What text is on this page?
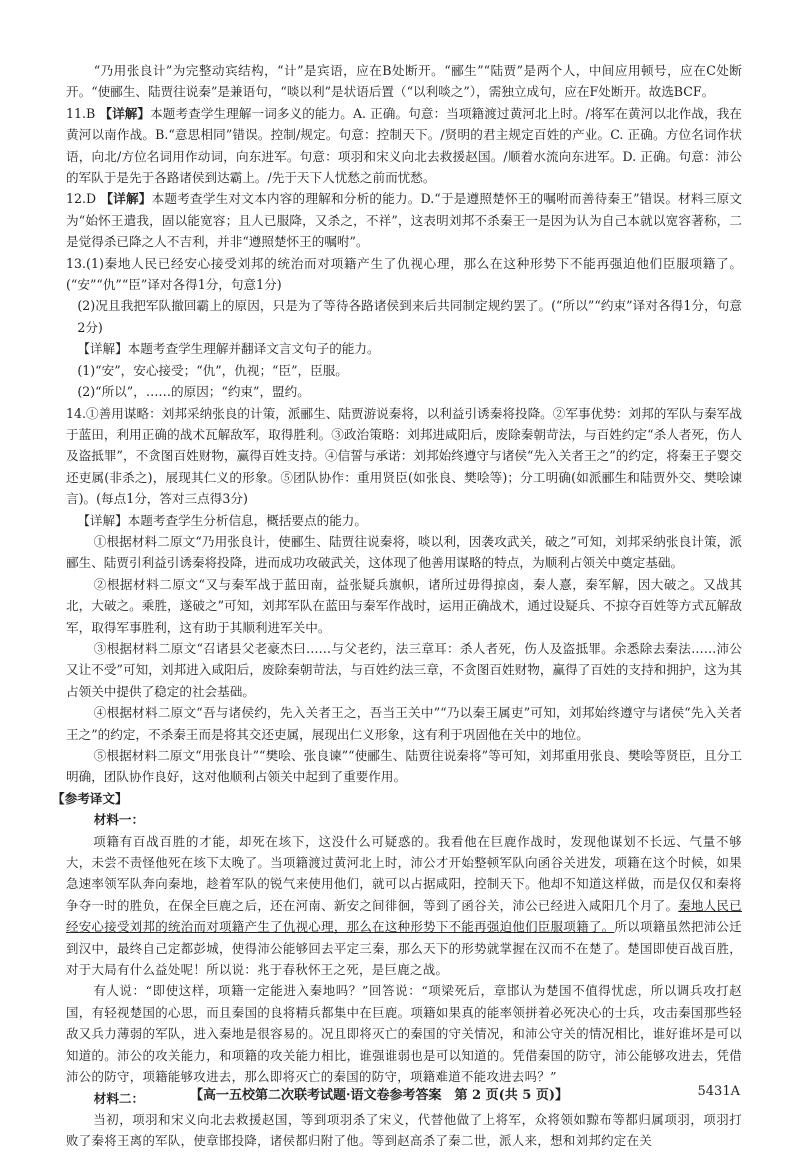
“乃用张良计”为完整动宾结构，“计”是宾语，应在B处断开。“郦生”“陆贾”是两个人，中间应用顿号，应在C处断开。“使郦生、陆贾往说秦”是兼语句，“啖以利”是状语后置（“以利啖之”），需独立成句，应在F处断开。故选BCF。

11.B 【详解】本题考查学生理解一词多义的能力。A. 正确。句意：当项籍渡过黄河北上时。/将军在黄河以北作战，我在黄河以南作战。B.“意思相同”错误。控制/规定。句意：控制天下。/贤明的君主规定百姓的产业。C. 正确。方位名词作状语，向北/方位名词用作动词，向东进军。句意：项羽和宋义向北去救援赵国。/顺着水流向东进军。D. 正确。句意：沛公的军队于是先于各路诸侯到达霸上。/先于天下人忧愁之前而忧愁。

12.D 【详解】本题考查学生对文本内容的理解和分析的能力。D.“于是遵照楚怀王的嘱咐而善待秦王”错误。材料三原文为“始怀王遣我，固以能宽容；且人已服降，又杀之，不祥”，这表明刘邦不杀秦王一是因为认为自己本就以宽容著称，二是觉得杀已降之人不吉利，并非“遵照楚怀王的嘱咐”。

13.(1)秦地人民已经安心接受刘邦的统治而对项籍产生了仇视心理，那么在这种形势下不能再强迫他们臣服项籍了。(“安”“仇”“臣”译对各得1分，句意1分)

(2)况且我把军队撤回霸上的原因，只是为了等待各路诸侯到来后共同制定规约罢了。(“所以”“约束”译对各得1分，句意2分)

【详解】本题考查学生理解并翻译文言文句子的能力。

(1)“安”，安心接受；“仇”，仇视；“臣”，臣服。

(2)“所以”，……的原因；“约束”，盟约。

14.①善用谋略：刘邦采纳张良的计策，派郦生、陆贾游说秦将，以利益引诱秦将投降。②军事优势：刘邦的军队与秦军战于蓝田，利用正确的战术瓦解敌军，取得胜利。③政治策略：刘邦进咸阳后，废除秦朝苛法，与百姓约定“杀人者死，伤人及盗抵罪”，不贪图百姓财物，赢得百姓支持。④信誓与承诺：刘邦始终遵守与诸侯“先入关者王之”的约定，将秦王子婴交还吏属(非杀之)，展现其仁义的形象。⑤团队协作：重用贤臣(如张良、樊哙等)；分工明确(如派郦生和陆贾外交、樊哙谏言)。(每点1分，答对三点得3分)

【详解】本题考查学生分析信息，概括要点的能力。

①根据材料二原文“乃用张良计，使郦生、陆贾往说秦将，啖以利，因袭攻武关，破之”可知，刘邦采纳张良计策，派郦生、陆贾引利益引诱秦将投降，进而成功攻破武关，这体现了他善用谋略的特点，为顺利占领关中奠定基础。

②根据材料二原文“又与秦军战于蓝田南，益张疑兵旗帜，诸所过毋得掠卤，秦人憙，秦军解，因大破之。又战其北，大破之。乘胜，遂破之”可知，刘邦军队在蓝田与秦军作战时，运用正确战术，通过设疑兵、不掠夺百姓等方式瓦解敌军，取得军事胜利，这有助于其顺利进军关中。

③根据材料二原文“召诸县父老豪杰曰……与父老约，法三章耳：杀人者死，伤人及盗抵罪。余悉除去秦法……沛公又让不受”可知，刘邦进入咸阳后，废除秦朝苛法，与百姓约法三章，不贪图百姓财物，赢得了百姓的支持和拥护，这为其占领关中提供了稳定的社会基础。

④根据材料二原文“吾与诸侯约，先入关者王之，吾当王关中”“乃以秦王属吏”可知，刘邦始终遵守与诸侯“先入关者王之”的约定，不杀秦王而是将其交还吏属，展现出仁义形象，这有利于巩固他在关中的地位。

⑤根据材料二原文“用张良计”“樊哙、张良谏”“使郦生、陆贾往说秦将”等可知，刘邦重用张良、樊哙等贤臣，且分工明确，团队协作良好，这对他顺利占领关中起到了重要作用。

【参考译文】

材料一：

项籍有百战百胜的才能，却死在垓下，这没什么可疑惑的。我看他在巨鹿作战时，发现他谋划不长远、气量不够大，未尝不责怪他死在垓下太晚了。当项籍渡过黄河北上时，沛公才开始整顿军队向函谷关进发，项籍在这个时候，如果急速率领军队奔向秦地，趁着军队的锐气来使用他们，就可以占据咸阳，控制天下。他却不知道这样做，而是仅仅和秦将争夺一时的胜负，在保全巨鹿之后，还在河南、新安之间徘徊，等到了函谷关，沛公已经进入咸阳几个月了。秦地人民已经安心接受刘邦的统治而对项籍产生了仇视心理，那么在这种形势下不能再强迫他们臣服项籍了。所以项籍虽然把沛公迁到汉中，最终自己定都彭城，使得沛公能够回去平定三秦，那么天下的形势就掌握在汉而不在楚了。楚国即使百战百胜，对于大局有什么益处呢！所以说：兆于春秋怀王之死，是巨鹿之战。

有人说：“即使这样，项籍一定能进入秦地吗？”回答说：“项梁死后，章邯认为楚国不值得忧虑，所以调兵攻打赵国，有轻视楚国的心思，而且秦国的良将精兵都集中在巨鹿。项籍如果真的能率领拼着必死决心的士兵，攻击秦国那些轻敌又兵力薄弱的军队，进入秦地是很容易的。况且即将灭亡的秦国的守关情况，和沛公守关的情况相比，谁好谁坏是可以知道的。沛公的攻关能力，和项籍的攻关能力相比，谁强谁弱也是可以知道的。凭借秦国的防守，沛公能够攻进去，凭借沛公的防守，项籍能够攻进去，那么即将灭亡的秦国的防守，项籍难道不能攻进去吗？”

材料二：

当初，项羽和宋义向北去救援赵国，等到项羽杀了宋义，代替他做了上将军，众将领如黥布等都归属项羽，项羽打败了秦将王离的军队，使章邯投降，诸侯都归附了他。等到赵高杀了秦二世，派人来，想和刘邦约定在关

【高一五校第二次联考试题·语文卷参考答案　第 2 页(共 5 页)】	5431A
